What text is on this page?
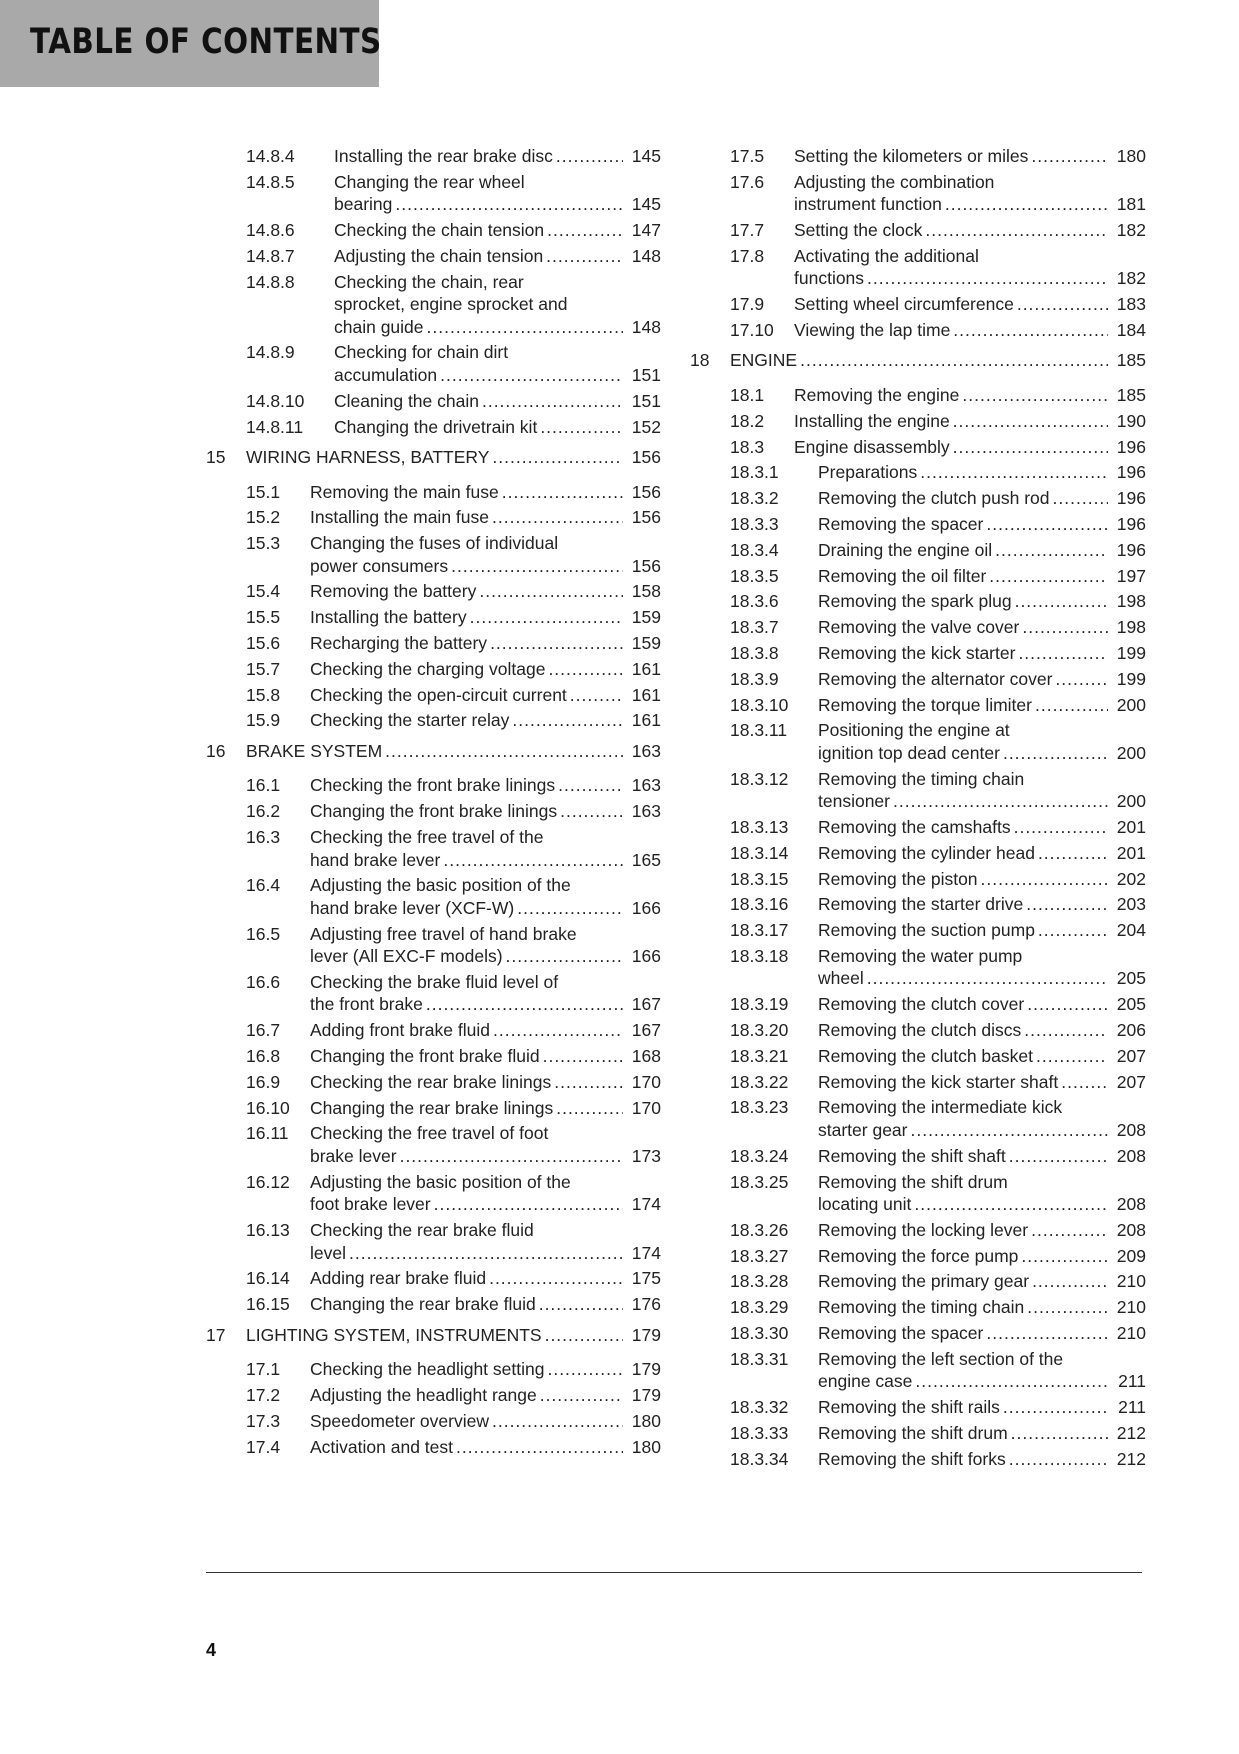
TABLE OF CONTENTS
14.8.4 Installing the rear brake disc .....	145
14.8.5 Changing the rear wheel
bearing .....	145
14.8.6 Checking the chain tension .....	147
14.8.7 Adjusting the chain tension .....	148
14.8.8 Checking the chain, rear
sprocket, engine sprocket and
chain guide .....	148
14.8.9 Checking for chain dirt
accumulation .....	151
14.8.10 Cleaning the chain .....	151
14.8.11 Changing the drivetrain kit .....	152
15 WIRING HARNESS, BATTERY .....	156
15.1 Removing the main fuse .....	156
15.2 Installing the main fuse .....	156
15.3 Changing the fuses of individual
power consumers .....	156
15.4 Removing the battery .....	158
15.5 Installing the battery .....	159
15.6 Recharging the battery .....	159
15.7 Checking the charging voltage .....	161
15.8 Checking the open-circuit current .....	161
15.9 Checking the starter relay .....	161
16 BRAKE SYSTEM .....	163
16.1 Checking the front brake linings .....	163
16.2 Changing the front brake linings .....	163
16.3 Checking the free travel of the
hand brake lever .....	165
16.4 Adjusting the basic position of the
hand brake lever (XCF-W) .....	166
16.5 Adjusting free travel of hand brake
lever (All EXC-F models) .....	166
16.6 Checking the brake fluid level of
the front brake .....	167
16.7 Adding front brake fluid .....	167
16.8 Changing the front brake fluid .....	168
16.9 Checking the rear brake linings .....	170
16.10 Changing the rear brake linings .....	170
16.11 Checking the free travel of foot
brake lever .....	173
16.12 Adjusting the basic position of the
foot brake lever .....	174
16.13 Checking the rear brake fluid
level .....	174
16.14 Adding rear brake fluid .....	175
16.15 Changing the rear brake fluid .....	176
17 LIGHTING SYSTEM, INSTRUMENTS .....	179
17.1 Checking the headlight setting .....	179
17.2 Adjusting the headlight range .....	179
17.3 Speedometer overview .....	180
17.4 Activation and test .....	180
17.5 Setting the kilometers or miles .....	180
17.6 Adjusting the combination
instrument function .....	181
17.7 Setting the clock .....	182
17.8 Activating the additional
functions .....	182
17.9 Setting wheel circumference .....	183
17.10 Viewing the lap time .....	184
18 ENGINE .....	185
18.1 Removing the engine .....	185
18.2 Installing the engine .....	190
18.3 Engine disassembly .....	196
18.3.1 Preparations .....	196
18.3.2 Removing the clutch push rod .....	196
18.3.3 Removing the spacer .....	196
18.3.4 Draining the engine oil .....	196
18.3.5 Removing the oil filter .....	197
18.3.6 Removing the spark plug .....	198
18.3.7 Removing the valve cover .....	198
18.3.8 Removing the kick starter .....	199
18.3.9 Removing the alternator cover .....	199
18.3.10 Removing the torque limiter .....	200
18.3.11 Positioning the engine at
ignition top dead center .....	200
18.3.12 Removing the timing chain
tensioner .....	200
18.3.13 Removing the camshafts .....	201
18.3.14 Removing the cylinder head .....	201
18.3.15 Removing the piston .....	202
18.3.16 Removing the starter drive .....	203
18.3.17 Removing the suction pump .....	204
18.3.18 Removing the water pump
wheel .....	205
18.3.19 Removing the clutch cover .....	205
18.3.20 Removing the clutch discs .....	206
18.3.21 Removing the clutch basket .....	207
18.3.22 Removing the kick starter shaft .....	207
18.3.23 Removing the intermediate kick
starter gear .....	208
18.3.24 Removing the shift shaft .....	208
18.3.25 Removing the shift drum
locating unit .....	208
18.3.26 Removing the locking lever .....	208
18.3.27 Removing the force pump .....	209
18.3.28 Removing the primary gear .....	210
18.3.29 Removing the timing chain .....	210
18.3.30 Removing the spacer .....	210
18.3.31 Removing the left section of the
engine case .....	211
18.3.32 Removing the shift rails .....	211
18.3.33 Removing the shift drum .....	212
18.3.34 Removing the shift forks .....	212
4
